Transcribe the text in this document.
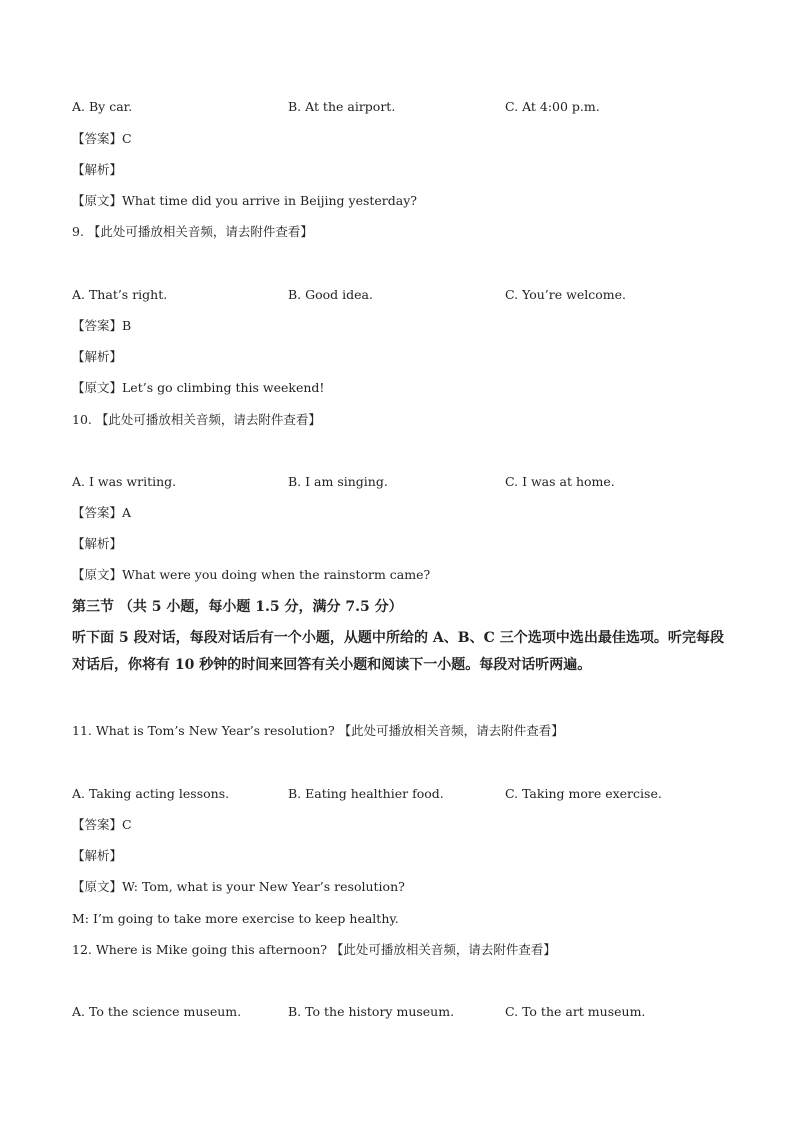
A. By car.	B. At the airport.	C. At 4:00 p.m.
【答案】C
【解析】
【原文】What time did you arrive in Beijing yesterday?
9. 【此处可播放相关音频，请去附件查看】
A. That’s right.	B. Good idea.	C. You’re welcome.
【答案】B
【解析】
【原文】Let’s go climbing this weekend!
10. 【此处可播放相关音频，请去附件查看】
A. I was writing.	B. I am singing.	C. I was at home.
【答案】A
【解析】
【原文】What were you doing when the rainstorm came?
第三节 （共 5 小题，每小题 1.5 分，满分 7.5 分）
听下面 5 段对话，每段对话后有一个小题，从题中所给的 A、B、C 三个选项中选出最佳选项。听完每段对话后，你将有 10 秒钟的时间来回答有关小题和阅读下一小题。每段对话听两遍。
11. What is Tom’s New Year’s resolution? 【此处可播放相关音频，请去附件查看】
A. Taking acting lessons.	B. Eating healthier food.	C. Taking more exercise.
【答案】C
【解析】
【原文】W: Tom, what is your New Year’s resolution?
M: I’m going to take more exercise to keep healthy.
12. Where is Mike going this afternoon? 【此处可播放相关音频，请去附件查看】
A. To the science museum.	B. To the history museum.	C. To the art museum.
